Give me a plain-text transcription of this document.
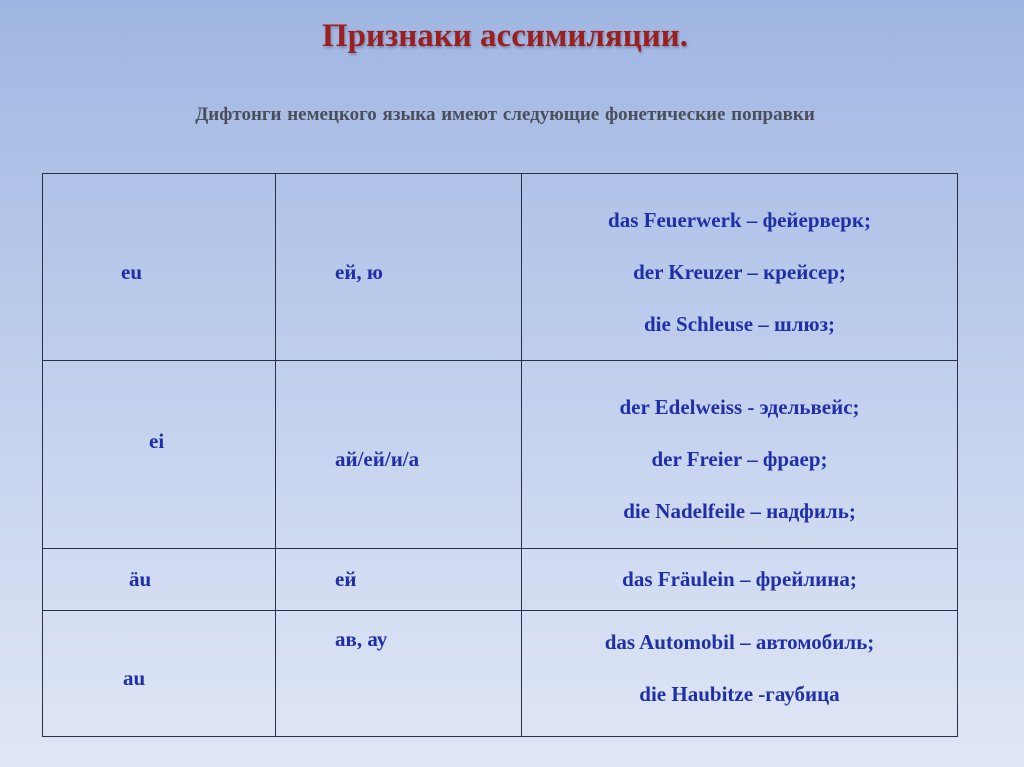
Признаки ассимиляции.
Дифтонги немецкого языка имеют следующие фонетические поправки
eu	ей, ю	das Feuerwerk – фейерверк;
der Kreuzer – крейсер;
die Schleuse – шлюз;

ei	ай/ей/и/а	der Edelweiss - эдельвейс;
der Freier – фраер;
die Nadelfeile – надфиль;

äu	ей	das Fräulein – фрейлина;

au	ав, ау	das Automobil – автомобиль;
die Haubitze -гаубица
